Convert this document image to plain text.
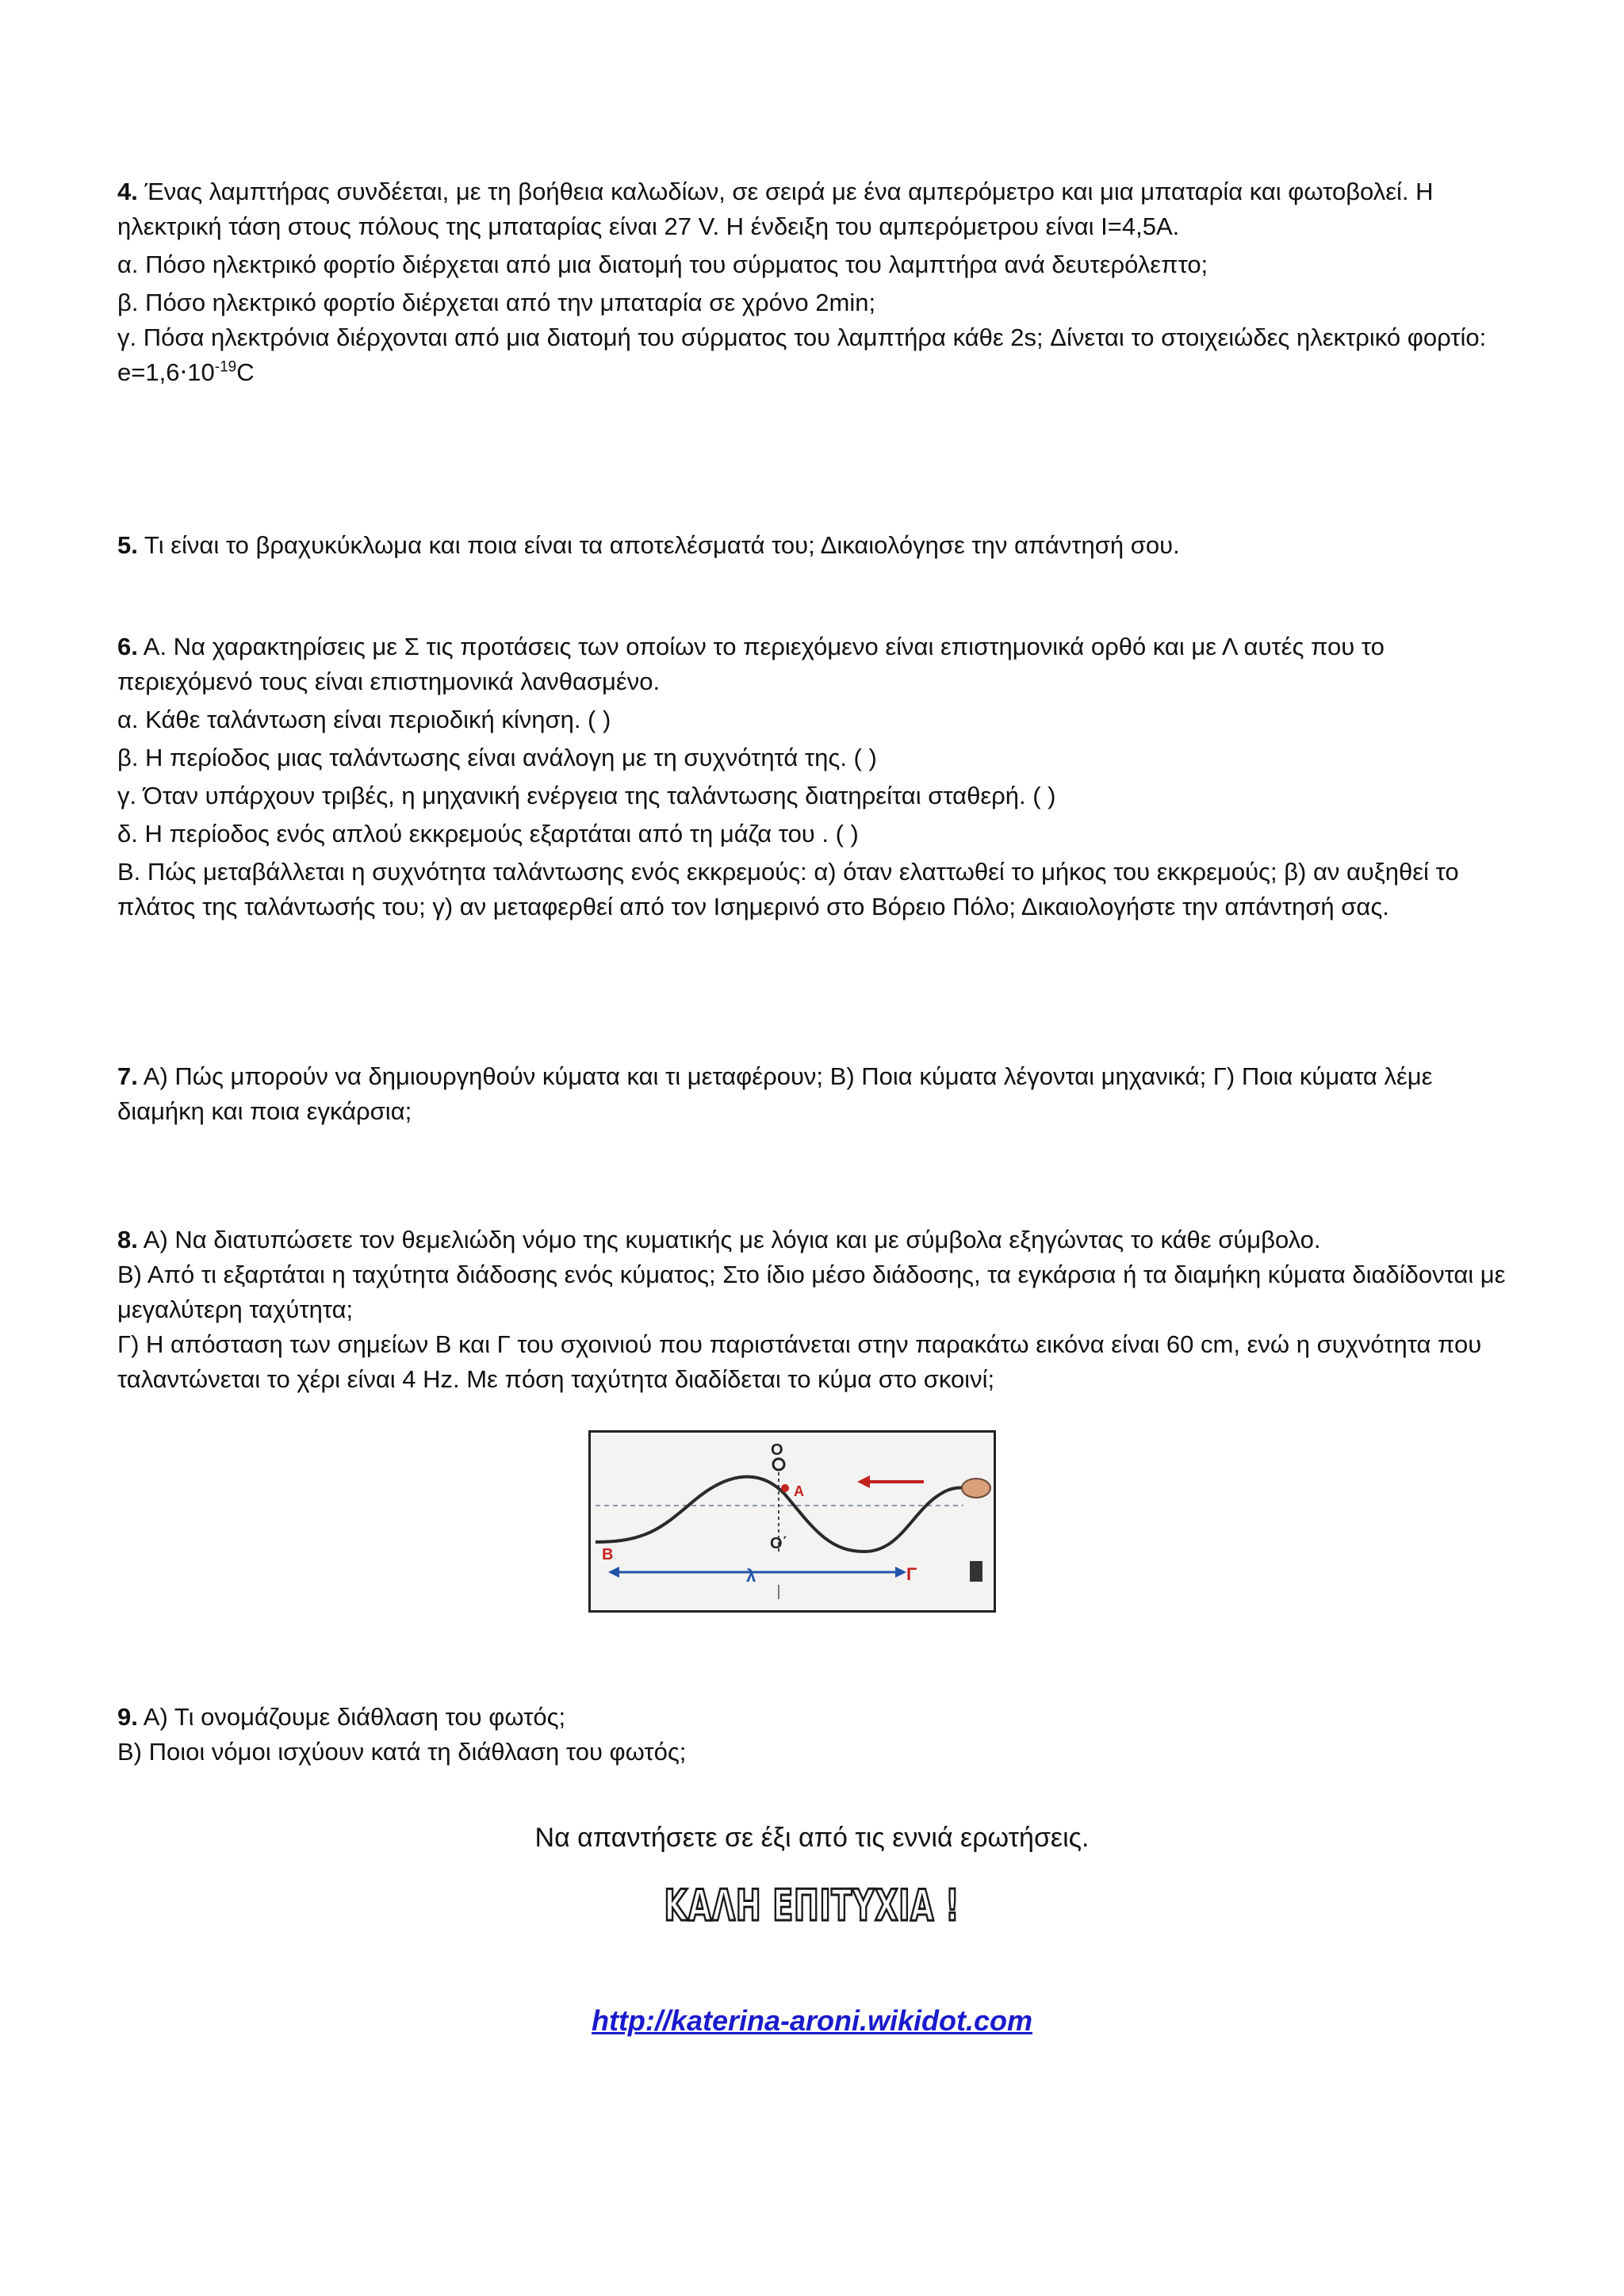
4. Ένας λαμπτήρας συνδέεται, με τη βοήθεια καλωδίων, σε σειρά με ένα αμπερόμετρο και μια μπαταρία και φωτοβολεί. Η ηλεκτρική τάση στους πόλους της μπαταρίας είναι 27 V. Η ένδειξη του αμπερόμετρου είναι I=4,5A.

α. Πόσο ηλεκτρικό φορτίο διέρχεται από μια διατομή του σύρματος του λαμπτήρα ανά δευτερόλεπτο;

β. Πόσο ηλεκτρικό φορτίο διέρχεται από την μπαταρία σε χρόνο 2min;

γ. Πόσα ηλεκτρόνια διέρχονται από μια διατομή του σύρματος του λαμπτήρα κάθε 2s; Δίνεται το στοιχειώδες ηλεκτρικό φορτίο: $e=1,6\cdot 10^{-19}C$

5. Τι είναι το βραχυκύκλωμα και ποια είναι τα αποτελέσματά του; Δικαιολόγησε την απάντησή σου.

6. Α. Να χαρακτηρίσεις με Σ τις προτάσεις των οποίων το περιεχόμενο είναι επιστημονικά ορθό και με Λ αυτές που το περιεχόμενό τους είναι επιστημονικά λανθασμένο.

α. Κάθε ταλάντωση είναι περιοδική κίνηση. ( )

β. Η περίοδος μιας ταλάντωσης είναι ανάλογη με τη συχνότητά της. ( )

γ. Όταν υπάρχουν τριβές, η μηχανική ενέργεια της ταλάντωσης διατηρείται σταθερή. ( )

δ. Η περίοδος ενός απλού εκκρεμούς εξαρτάται από τη μάζα του . ( )

Β. Πώς μεταβάλλεται η συχνότητα ταλάντωσης ενός εκκρεμούς: α) όταν ελαττωθεί το μήκος του εκκρεμούς; β) αν αυξηθεί το πλάτος της ταλάντωσής του; γ) αν μεταφερθεί από τον Ισημερινό στο Βόρειο Πόλο; Δικαιολογήστε την απάντησή σας.

7. Α) Πώς μπορούν να δημιουργηθούν κύματα και τι μεταφέρουν; Β) Ποια κύματα λέγονται μηχανικά; Γ) Ποια κύματα λέμε διαμήκη και ποια εγκάρσια;

8. Α) Να διατυπώσετε τον θεμελιώδη νόμο της κυματικής με λόγια και με σύμβολα εξηγώντας το κάθε σύμβολο.

Β) Από τι εξαρτάται η ταχύτητα διάδοσης ενός κύματος; Στο ίδιο μέσο διάδοσης, τα εγκάρσια ή τα διαμήκη κύματα διαδίδονται με μεγαλύτερη ταχύτητα;

Γ) Η απόσταση των σημείων Β και Γ του σχοινιού που παριστάνεται στην παρακάτω εικόνα είναι 60 cm, ενώ η συχνότητα που ταλαντώνεται το χέρι είναι 4 Hz. Με πόση ταχύτητα διαδίδεται το κύμα στο σκοινί;

Ο
Α
Β
Ο΄
λ	Γ

9. Α) Τι ονομάζουμε διάθλαση του φωτός;

Β) Ποιοι νόμοι ισχύουν κατά τη διάθλαση του φωτός;

Να απαντήσετε σε έξι από τις εννιά ερωτήσεις.
ΚΑΛΗ ΕΠΙΤΥΧΙΑ !
http://katerina-aroni.wikidot.com
